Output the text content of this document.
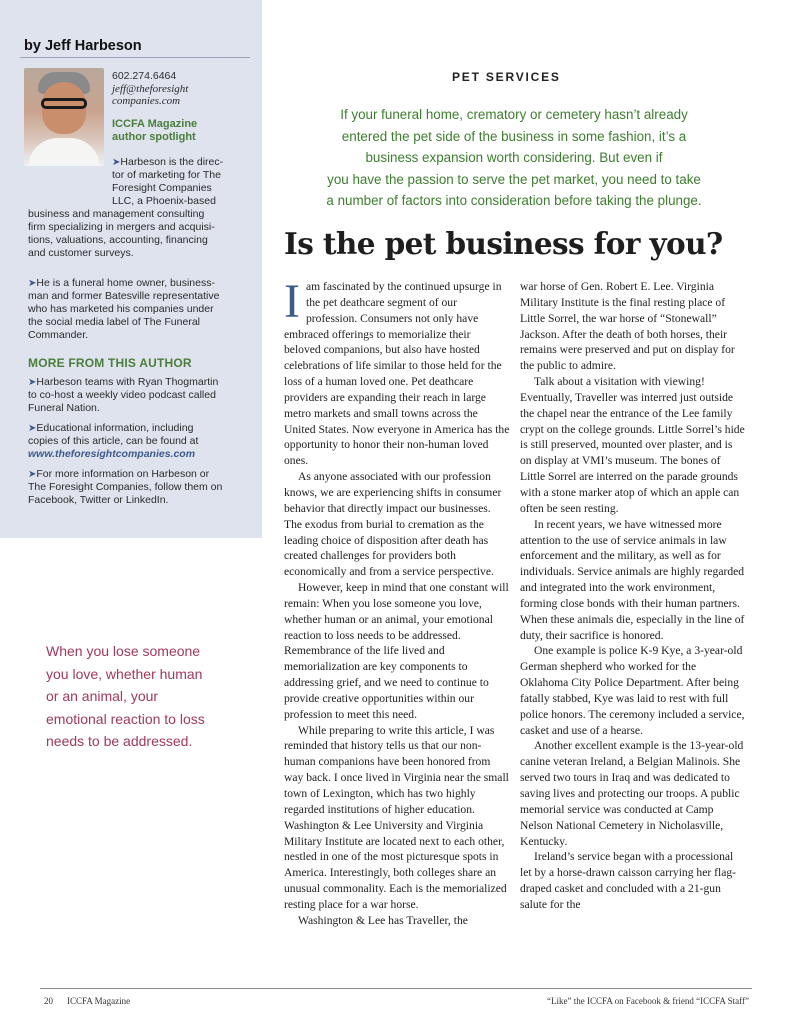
by Jeff Harbeson
602.274.6464
jeff@theforesight
companies.com
ICCFA Magazine
author spotlight
➤Harbeson is the direc-
tor of marketing for The
Foresight Companies
LLC, a Phoenix-based
business and management consulting
firm specializing in mergers and acquisi-
tions, valuations, accounting, financing
and customer surveys.
➤He is a funeral home owner, business-
man and former Batesville representative
who has marketed his companies under
the social media label of The Funeral
Commander.
MORE FROM THIS AUTHOR
➤Harbeson teams with Ryan Thogmartin
to co-host a weekly video podcast called
Funeral Nation.
➤Educational information, including
copies of this article, can be found at
www.theforesightcompanies.com
➤For more information on Harbeson or
The Foresight Companies, follow them on
Facebook, Twitter or LinkedIn.
When you lose someone
you love, whether human
or an animal, your
emotional reaction to loss
needs to be addressed.
PET SERVICES
If your funeral home, crematory or cemetery hasn’t already
entered the pet side of the business in some fashion, it’s a
business expansion worth considering. But even if
you have the passion to serve the pet market, you need to take
a number of factors into consideration before taking the plunge.
Is the pet business for you?

Iam fascinated by the continued upsurge in the pet deathcare segment of our profession. Consumers not only have embraced offerings to memorialize their beloved companions, but also have hosted celebrations of life similar to those held for the loss of a human loved one. Pet deathcare providers are expanding their reach in large metro markets and small towns across the United States. Now everyone in America has the opportunity to honor their non-human loved ones.

As anyone associated with our profession knows, we are experiencing shifts in consumer behavior that directly impact our businesses. The exodus from burial to cremation as the leading choice of disposition after death has created challenges for providers both economically and from a service perspective.

However, keep in mind that one constant will remain: When you lose someone you love, whether human or an animal, your emotional reaction to loss needs to be addressed. Remembrance of the life lived and memorialization are key components to addressing grief, and we need to continue to provide creative opportunities within our profession to meet this need.

While preparing to write this article, I was reminded that history tells us that our non-human companions have been honored from way back. I once lived in Virginia near the small town of Lexington, which has two highly regarded institutions of higher education. Washington & Lee University and Virginia Military Institute are located next to each other, nestled in one of the most picturesque spots in America. Interestingly, both colleges share an unusual commonality. Each is the memorialized resting place for a war horse.

Washington & Lee has Traveller, the

war horse of Gen. Robert E. Lee. Virginia Military Institute is the final resting place of Little Sorrel, the war horse of “Stonewall” Jackson. After the death of both horses, their remains were preserved and put on display for the public to admire.

Talk about a visitation with viewing! Eventually, Traveller was interred just outside the chapel near the entrance of the Lee family crypt on the college grounds. Little Sorrel’s hide is still preserved, mounted over plaster, and is on display at VMI’s museum. The bones of Little Sorrel are interred on the parade grounds with a stone marker atop of which an apple can often be seen resting.

In recent years, we have witnessed more attention to the use of service animals in law enforcement and the military, as well as for individuals. Service animals are highly regarded and integrated into the work environment, forming close bonds with their human partners. When these animals die, especially in the line of duty, their sacrifice is honored.

One example is police K-9 Kye, a 3-year-old German shepherd who worked for the Oklahoma City Police Department. After being fatally stabbed, Kye was laid to rest with full police honors. The ceremony included a service, casket and use of a hearse.

Another excellent example is the 13-year-old canine veteran Ireland, a Belgian Malinois. She served two tours in Iraq and was dedicated to saving lives and protecting our troops. A public memorial service was conducted at Camp Nelson National Cemetery in Nicholasville, Kentucky.

Ireland’s service began with a processional let by a horse-drawn caisson carrying her flag-draped casket and concluded with a 21-gun salute for the

20 ICCFA Magazine	“Like” the ICCFA on Facebook & friend “ICCFA Staff”
